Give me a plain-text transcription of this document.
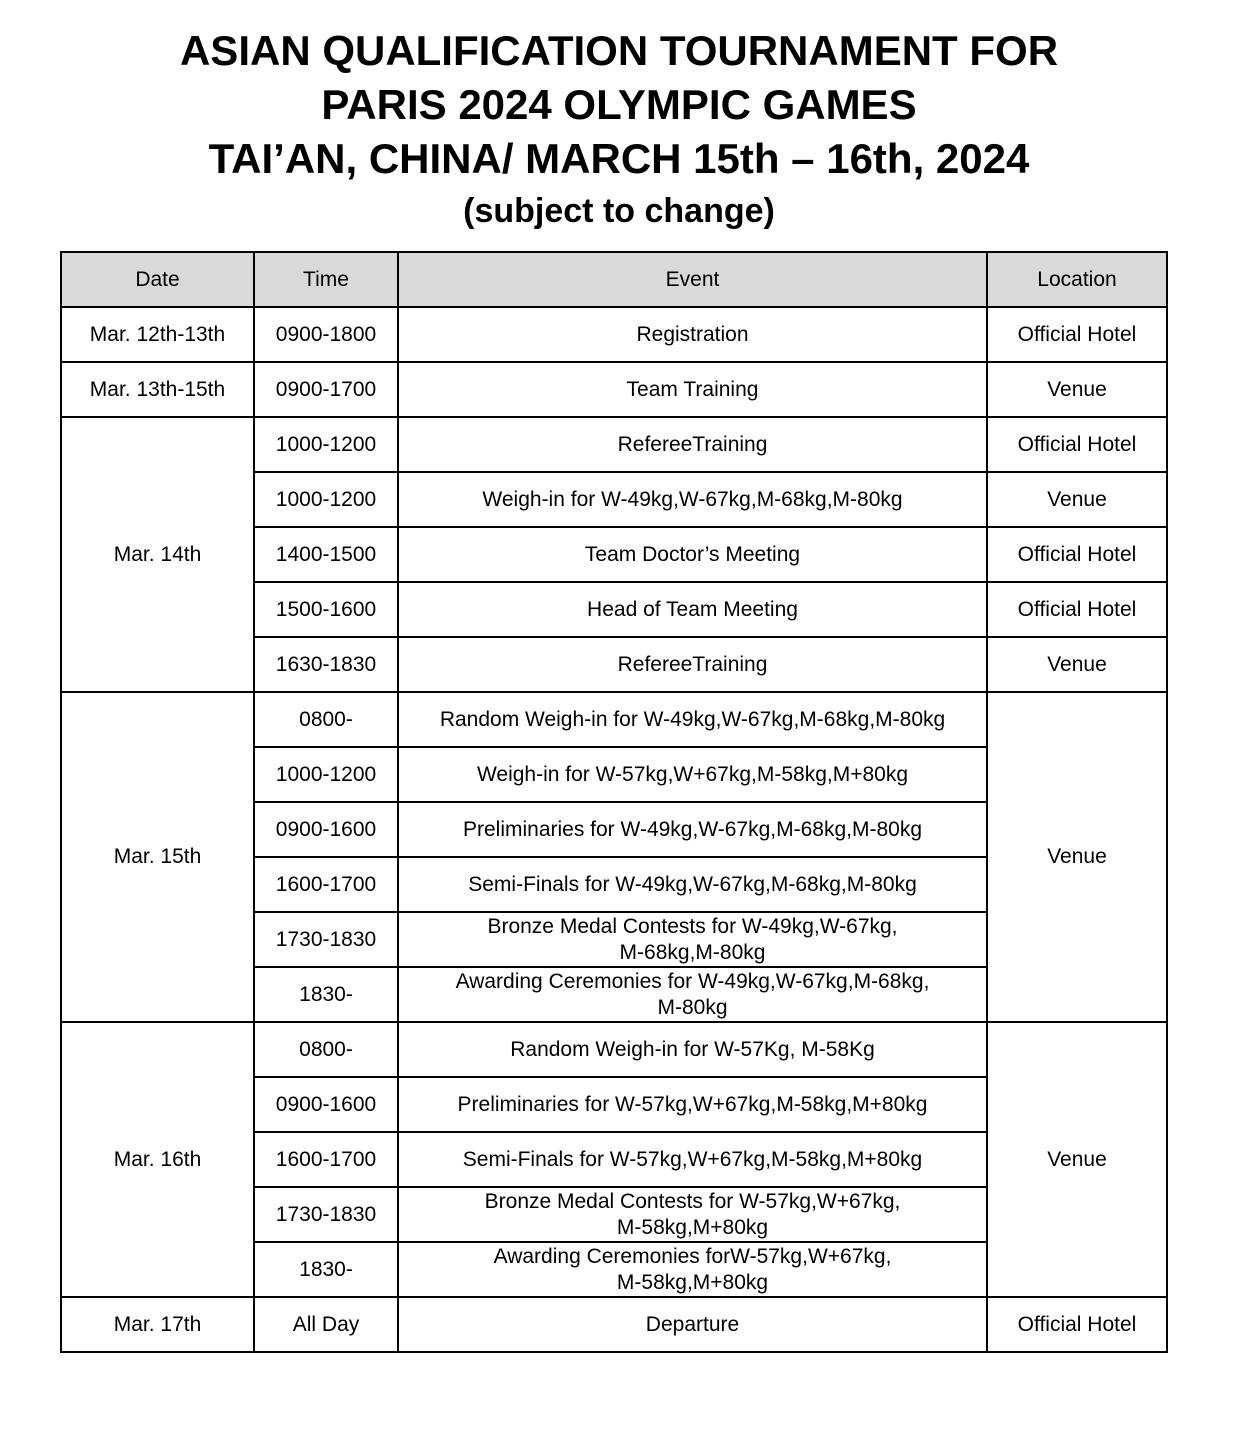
ASIAN QUALIFICATION TOURNAMENT FOR
PARIS 2024 OLYMPIC GAMES
TAI’AN, CHINA/ MARCH 15th – 16th, 2024
(subject to change)
Date	Time	Event	Location
Mar. 12th-13th	0900-1800	Registration	Official Hotel
Mar. 13th-15th	0900-1700	Team Training	Venue
Mar. 14th	1000-1200	RefereeTraining	Official Hotel
	1000-1200	Weigh-in for W-49kg,W-67kg,M-68kg,M-80kg	Venue
	1400-1500	Team Doctor’s Meeting	Official Hotel
	1500-1600	Head of Team Meeting	Official Hotel
	1630-1830	RefereeTraining	Venue
Mar. 15th	0800-	Random Weigh-in for W-49kg,W-67kg,M-68kg,M-80kg	Venue
	1000-1200	Weigh-in for W-57kg,W+67kg,M-58kg,M+80kg	

	0900-1600	Preliminaries for W-49kg,W-67kg,M-68kg,M-80kg	

	1600-1700	Semi-Finals for W-49kg,W-67kg,M-68kg,M-80kg	

	1730-1830	Bronze Medal Contests for W-49kg,W-67kg,
M-68kg,M-80kg	

	1830-	Awarding Ceremonies for W-49kg,W-67kg,M-68kg,
M-80kg	

Mar. 16th	0800-	Random Weigh-in for W-57Kg, M-58Kg	Venue
	0900-1600	Preliminaries for W-57kg,W+67kg,M-58kg,M+80kg	

	1600-1700	Semi-Finals for W-57kg,W+67kg,M-58kg,M+80kg	

	1730-1830	Bronze Medal Contests for W-57kg,W+67kg,
M-58kg,M+80kg	

	1830-	Awarding Ceremonies forW-57kg,W+67kg,
M-58kg,M+80kg	

Mar. 17th	All Day	Departure	Official Hotel
